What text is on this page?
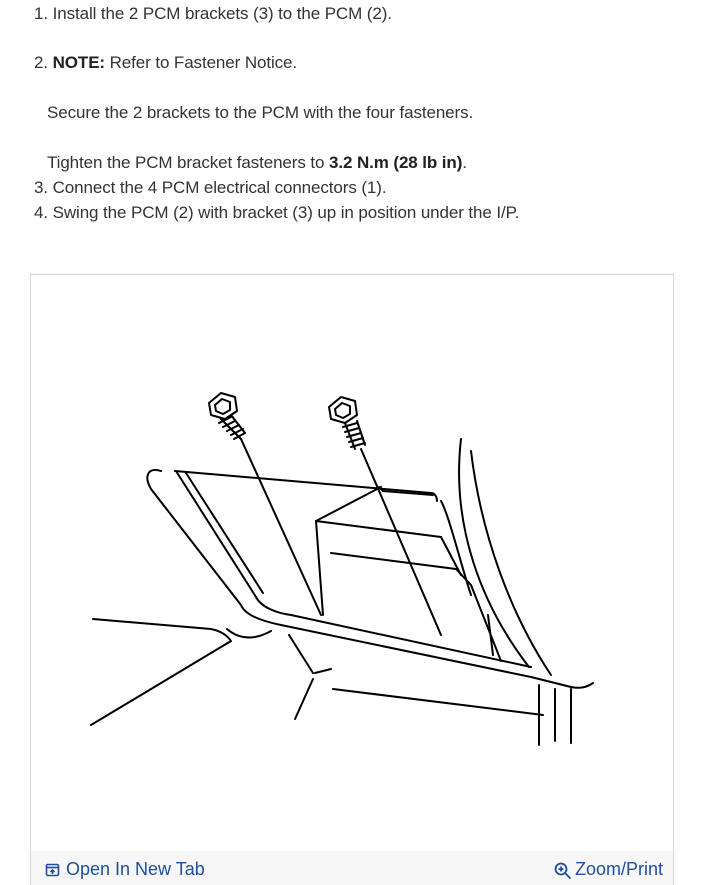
1. Install the 2 PCM brackets (3) to the PCM (2).
2. NOTE: Refer to Fastener Notice.
Secure the 2 brackets to the PCM with the four fasteners.
Tighten the PCM bracket fasteners to 3.2 N.m (28 lb in).
3. Connect the 4 PCM electrical connectors (1).
4. Swing the PCM (2) with bracket (3) up in position under the I/P.
Open In New Tab	Zoom/Print
